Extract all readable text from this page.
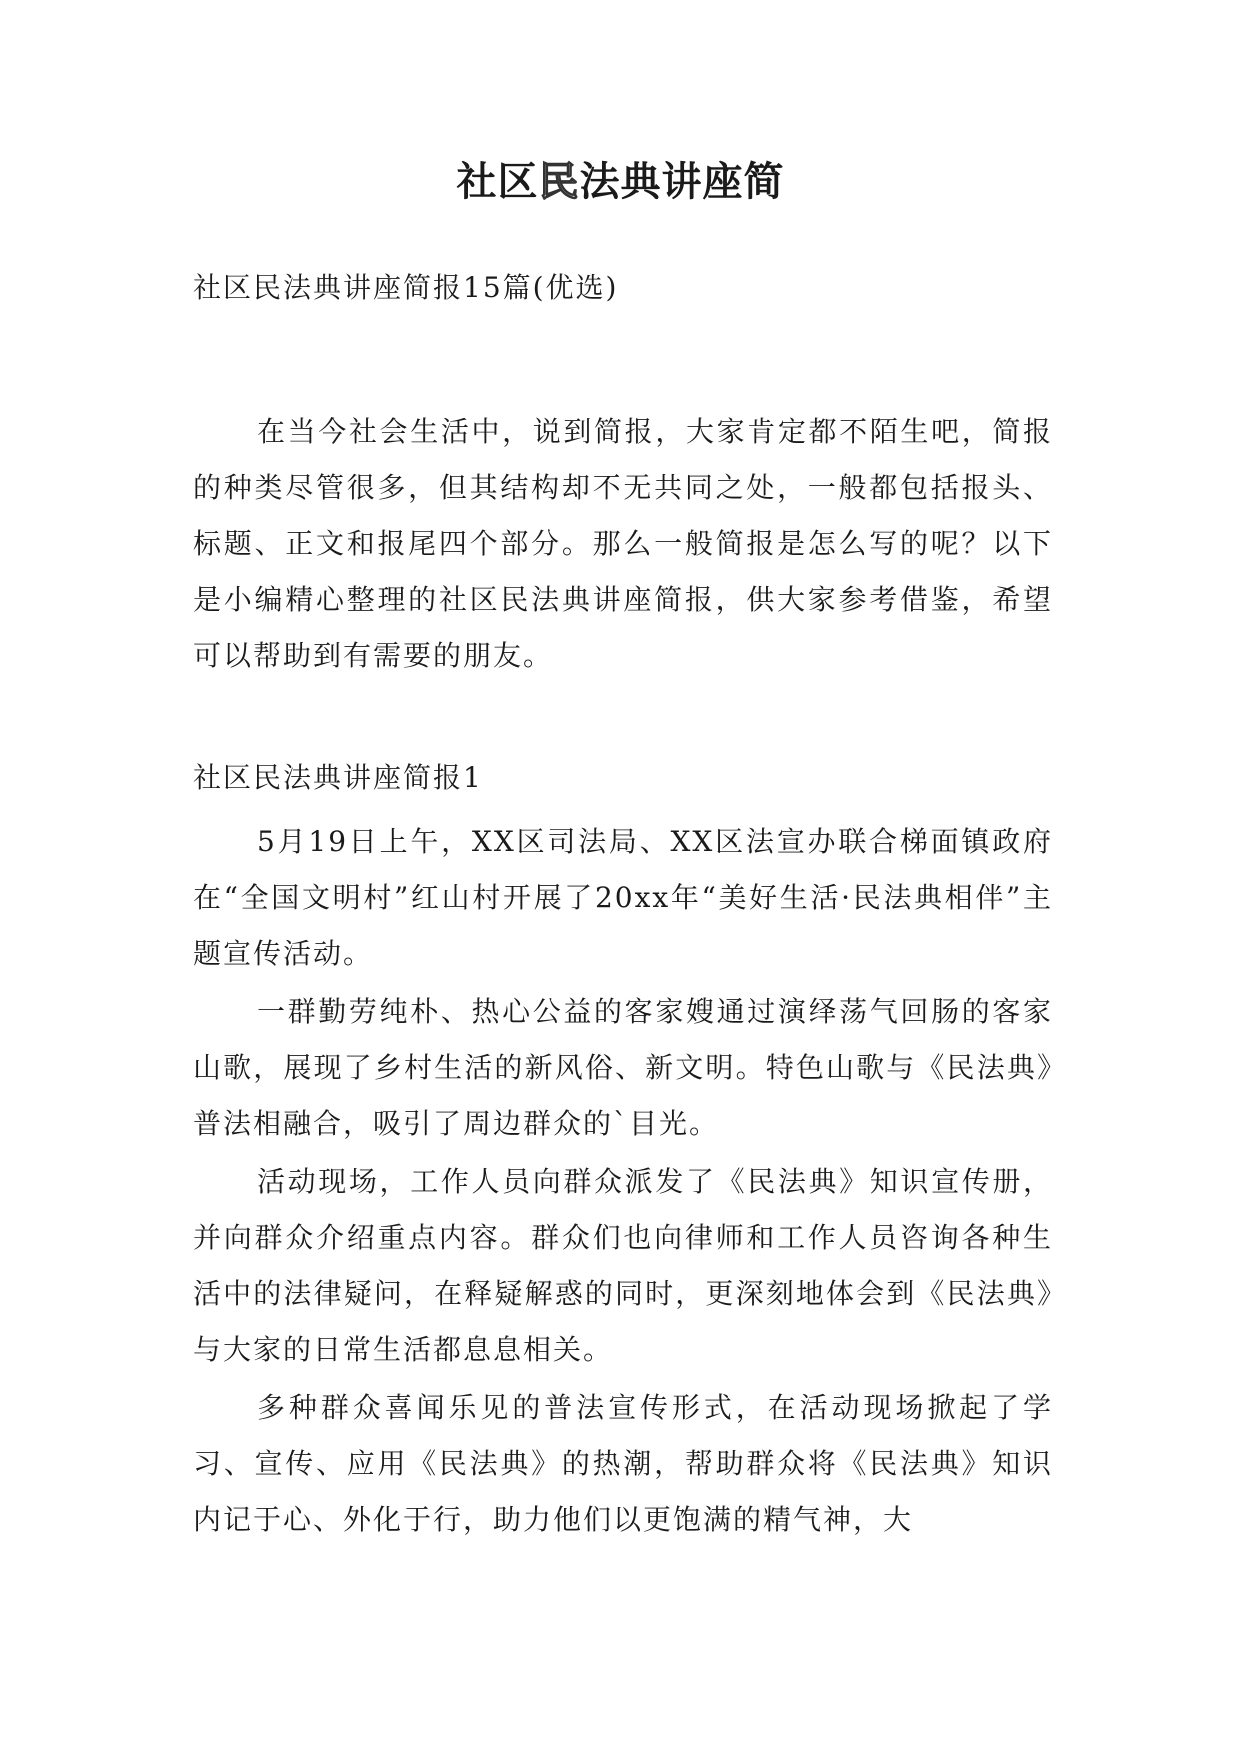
社区民法典讲座简

社区民法典讲座简报15篇(优选)

在当今社会生活中，说到简报，大家肯定都不陌生吧，简报的种类尽管很多，但其结构却不无共同之处，一般都包括报头、标题、正文和报尾四个部分。那么一般简报是怎么写的呢？以下是小编精心整理的社区民法典讲座简报，供大家参考借鉴，希望可以帮助到有需要的朋友。

社区民法典讲座简报1

5月19日上午，XX区司法局、XX区法宣办联合梯面镇政府在“全国文明村”红山村开展了20xx年“美好生活·民法典相伴”主题宣传活动。

一群勤劳纯朴、热心公益的客家嫂通过演绎荡气回肠的客家山歌，展现了乡村生活的新风俗、新文明。特色山歌与《民法典》普法相融合，吸引了周边群众的`目光。

活动现场，工作人员向群众派发了《民法典》知识宣传册，并向群众介绍重点内容。群众们也向律师和工作人员咨询各种生活中的法律疑问，在释疑解惑的同时，更深刻地体会到《民法典》与大家的日常生活都息息相关。

多种群众喜闻乐见的普法宣传形式，在活动现场掀起了学习、宣传、应用《民法典》的热潮，帮助群众将《民法典》知识内记于心、外化于行，助力他们以更饱满的精气神，大
